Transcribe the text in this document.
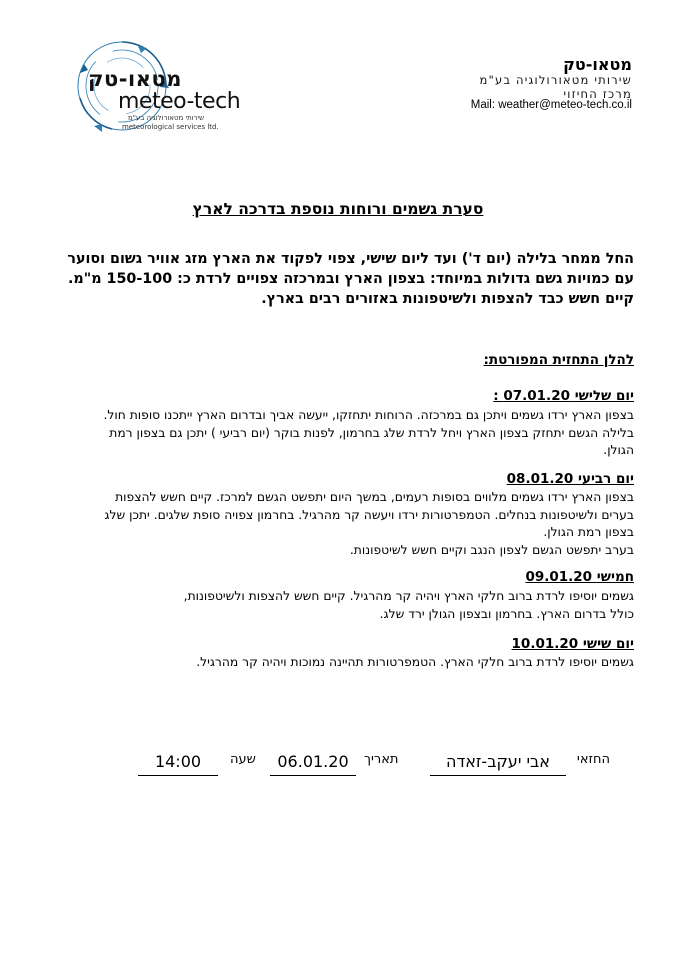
מטאו-טק
meteo-tech
שירותי מטאורולוגיה בע"מ
meteorological services ltd.
מטאו-טק
שירותי מטאורולוגיה בע"מ
מרכז החיזוי
Mail: weather@meteo-tech.co.il
סערת גשמים ורוחות נוספת בדרכה לארץ
החל ממחר בלילה (יום ד') ועד ליום שישי, צפוי לפקוד את הארץ מזג אוויר גשום וסוער
עם כמויות גשם גדולות במיוחד: בצפון הארץ ובמרכזה צפויים לרדת כ: 150-100 מ"מ.
קיים חשש כבד להצפות ולשיטפונות באזורים רבים בארץ.
להלן התחזית המפורטת:
יום שלישי 07.01.20 :
בצפון הארץ ירדו גשמים ויתכן גם במרכזה. הרוחות יתחזקו, ייעשה אביך ובדרום הארץ ייתכנו סופות חול.
בלילה הגשם יתחזק בצפון הארץ ויחל לרדת שלג בחרמון, לפנות בוקר (יום רביעי ) יתכן גם בצפון רמת
הגולן.
יום רביעי 08.01.20
בצפון הארץ ירדו גשמים מלווים בסופות רעמים, במשך היום יתפשט הגשם למרכז. קיים חשש להצפות
בערים ולשיטפונות בנחלים. הטמפרטורות ירדו ויעשה קר מהרגיל. בחרמון צפויה סופת שלגים. יתכן שלג
בצפון רמת הגולן.
בערב יתפשט הגשם לצפון הנגב וקיים חשש לשיטפונות.
חמישי 09.01.20
גשמים יוסיפו לרדת ברוב חלקי הארץ ויהיה קר מהרגיל. קיים חשש להצפות ולשיטפונות,
כולל בדרום הארץ. בחרמון ובצפון הגולן ירד שלג.
יום שישי 10.01.20
גשמים יוסיפו לרדת ברוב חלקי הארץ. הטמפרטורות תהיינה נמוכות ויהיה קר מהרגיל.
החזאי
אבי יעקב-זאדה
תאריך
06.01.20
שעה
14:00
